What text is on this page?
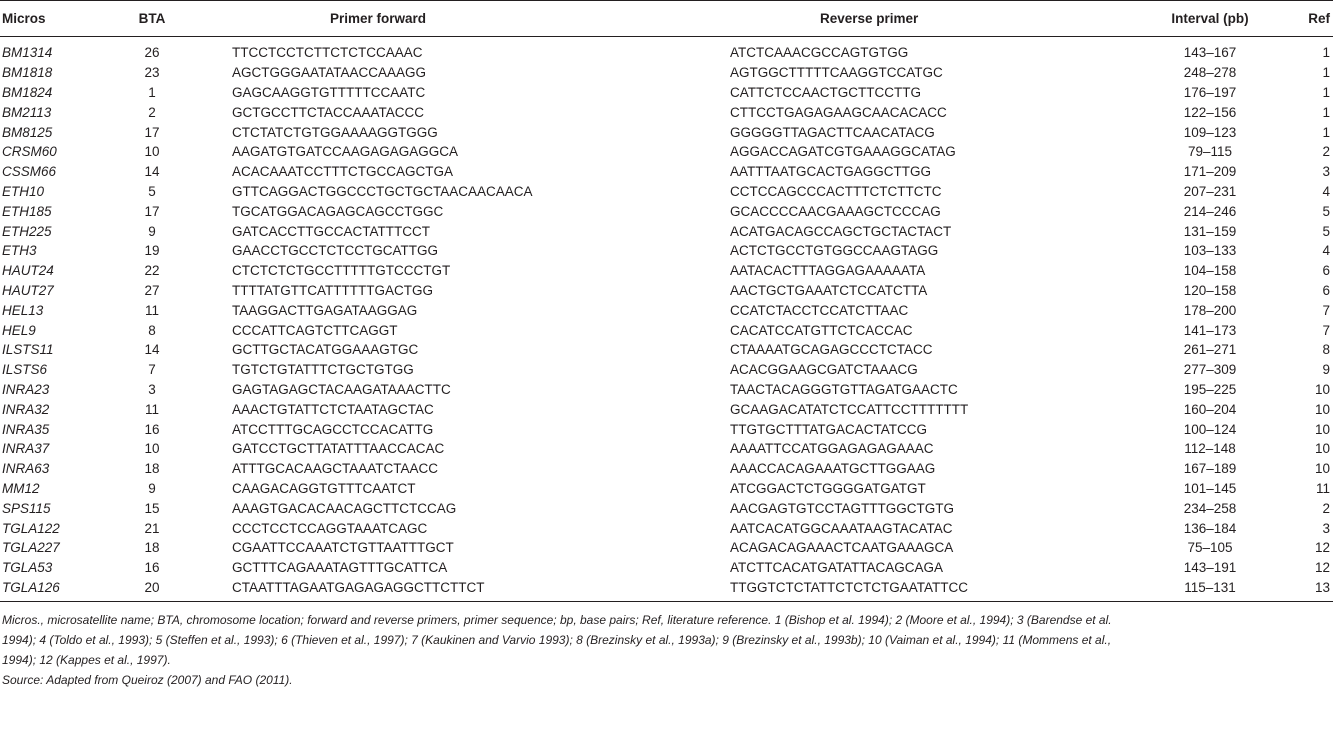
Micros	BTA	Primer forward	Reverse primer	Interval (pb)	Ref
BM1314	26	TTCCTCCTCTTCTCTCCAAAC	ATCTCAAACGCCAGTGTGG	143–167	1
BM1818	23	AGCTGGGAATATAACCAAAGG	AGTGGCTTTTTCAAGGTCCATGC	248–278	1
BM1824	1	GAGCAAGGTGTTTTTCCAATC	CATTCTCCAACTGCTTCCTTG	176–197	1
BM2113	2	GCTGCCTTCTACCAAATACCC	CTTCCTGAGAGAAGCAACACACC	122–156	1
BM8125	17	CTCTATCTGTGGAAAAGGTGGG	GGGGGTTAGACTTCAACATACG	109–123	1
CRSM60	10	AAGATGTGATCCAAGAGAGAGGCA	AGGACCAGATCGTGAAAGGCATAG	79–115	2
CSSM66	14	ACACAAATCCTTTCTGCCAGCTGA	AATTTAATGCACTGAGGCTTGG	171–209	3
ETH10	5	GTTCAGGACTGGCCCTGCTGCTAACAACAACA	CCTCCAGCCCACTTTCTCTTCTC	207–231	4
ETH185	17	TGCATGGACAGAGCAGCCTGGC	GCACCCCAACGAAAGCTCCCAG	214–246	5
ETH225	9	GATCACCTTGCCACTATTTCCT	ACATGACAGCCAGCTGCTACTACT	131–159	5
ETH3	19	GAACCTGCCTCTCCTGCATTGG	ACTCTGCCTGTGGCCAAGTAGG	103–133	4
HAUT24	22	CTCTCTCTGCCTTTTTGTCCCTGT	AATACACTTTAGGAGAAAAATA	104–158	6
HAUT27	27	TTTTATGTTCATTTTTTGACTGG	AACTGCTGAAATCTCCATCTTA	120–158	6
HEL13	11	TAAGGACTTGAGATAAGGAG	CCATCTACCTCCATCTTAAC	178–200	7
HEL9	8	CCCATTCAGTCTTCAGGT	CACATCCATGTTCTCACCAC	141–173	7
ILSTS11	14	GCTTGCTACATGGAAAGTGC	CTAAAATGCAGAGCCCTCTACC	261–271	8
ILSTS6	7	TGTCTGTATTTCTGCTGTGG	ACACGGAAGCGATCTAAACG	277–309	9
INRA23	3	GAGTAGAGCTACAAGATAAACTTC	TAACTACAGGGTGTTAGATGAACTC	195–225	10
INRA32	11	AAACTGTATTCTCTAATAGCTAC	GCAAGACATATCTCCATTCCTTTTTTT	160–204	10
INRA35	16	ATCCTTTGCAGCCTCCACATTG	TTGTGCTTTATGACACTATCCG	100–124	10
INRA37	10	GATCCTGCTTATATTTAACCACAC	AAAATTCCATGGAGAGAGAAAC	112–148	10
INRA63	18	ATTTGCACAAGCTAAATCTAACC	AAACCACAGAAATGCTTGGAAG	167–189	10
MM12	9	CAAGACAGGTGTTTCAATCT	ATCGGACTCTGGGGATGATGT	101–145	11
SPS115	15	AAAGTGACACAACAGCTTCTCCAG	AACGAGTGTCCTAGTTTGGCTGTG	234–258	2
TGLA122	21	CCCTCCTCCAGGTAAATCAGC	AATCACATGGCAAATAAGTACATAC	136–184	3
TGLA227	18	CGAATTCCAAATCTGTTAATTTGCT	ACAGACAGAAACTCAATGAAAGCA	75–105	12
TGLA53	16	GCTTTCAGAAATAGTTTGCATTCA	ATCTTCACATGATATTACAGCAGA	143–191	12
TGLA126	20	CTAATTTAGAATGAGAGAGGCTTCTTCT	TTGGTCTCTATTCTCTCTGAATATTCC	115–131	13

Micros., microsatellite name; BTA, chromosome location; forward and reverse primers, primer sequence; bp, base pairs; Ref, literature reference. 1 (Bishop et al. 1994); 2 (Moore et al., 1994); 3 (Barendse et al. 1994); 4 (Toldo et al., 1993); 5 (Steffen et al., 1993); 6 (Thieven et al., 1997); 7 (Kaukinen and Varvio 1993); 8 (Brezinsky et al., 1993a); 9 (Brezinsky et al., 1993b); 10 (Vaiman et al., 1994); 11 (Mommens et al., 1994); 12 (Kappes et al., 1997).

Source: Adapted from Queiroz (2007) and FAO (2011).
